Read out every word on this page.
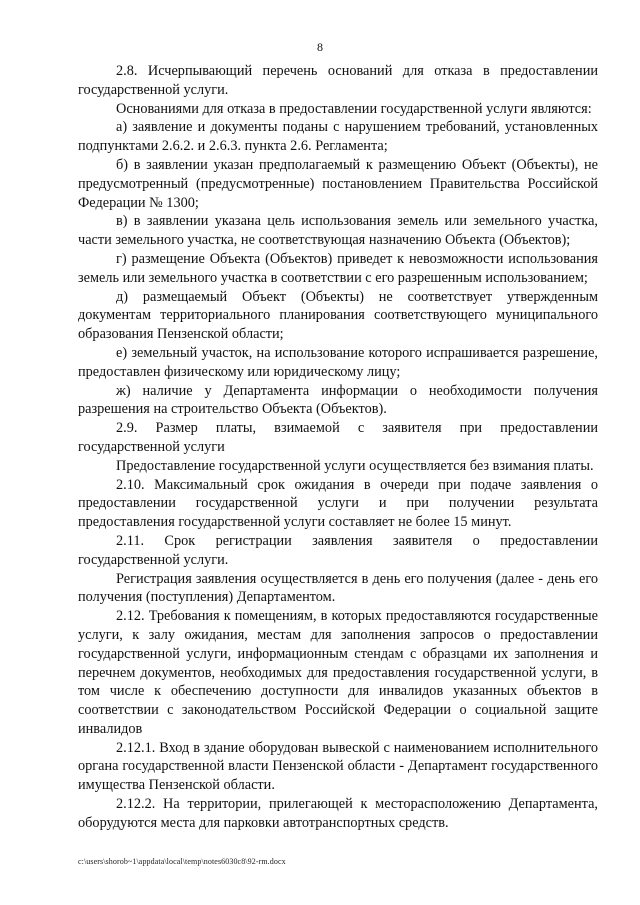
8

2.8. Исчерпывающий перечень оснований для отказа в предоставлении государственной услуги.

Основаниями для отказа в предоставлении государственной услуги являются:

а) заявление и документы поданы с нарушением требований, установленных подпунктами 2.6.2. и 2.6.3. пункта 2.6. Регламента;

б) в заявлении указан предполагаемый к размещению Объект (Объекты), не предусмотренный (предусмотренные) постановлением Правительства Российской Федерации № 1300;

в) в заявлении указана цель использования земель или земельного участка, части земельного участка, не соответствующая назначению Объекта (Объектов);

г) размещение Объекта (Объектов) приведет к невозможности использования земель или земельного участка в соответствии с его разрешенным использованием;

д) размещаемый Объект (Объекты) не соответствует утвержденным документам территориального планирования соответствующего муниципального образования Пензенской области;

е) земельный участок, на использование которого испрашивается разрешение, предоставлен физическому или юридическому лицу;

ж) наличие у Департамента информации о необходимости получения разрешения на строительство Объекта (Объектов).

2.9. Размер платы, взимаемой с заявителя при предоставлении государственной услуги

Предоставление государственной услуги осуществляется без взимания платы.

2.10. Максимальный срок ожидания в очереди при подаче заявления о предоставлении государственной услуги и при получении результата предоставления государственной услуги составляет не более 15 минут.

2.11. Срок регистрации заявления заявителя о предоставлении государственной услуги.

Регистрация заявления осуществляется в день его получения (далее - день его получения (поступления) Департаментом.

2.12. Требования к помещениям, в которых предоставляются государственные услуги, к залу ожидания, местам для заполнения запросов о предоставлении государственной услуги, информационным стендам с образцами их заполнения и перечнем документов, необходимых для предоставления государственной услуги, в том числе к обеспечению доступности для инвалидов указанных объектов в соответствии с законодательством Российской Федерации о социальной защите инвалидов

2.12.1. Вход в здание оборудован вывеской с наименованием исполнительного органа государственной власти Пензенской области - Департамент государственного имущества Пензенской области.

2.12.2. На территории, прилегающей к месторасположению Департамента, оборудуются места для парковки автотранспортных средств.

c:\users\shorob~1\appdata\local\temp\notes6030c8\92-rm.docx
